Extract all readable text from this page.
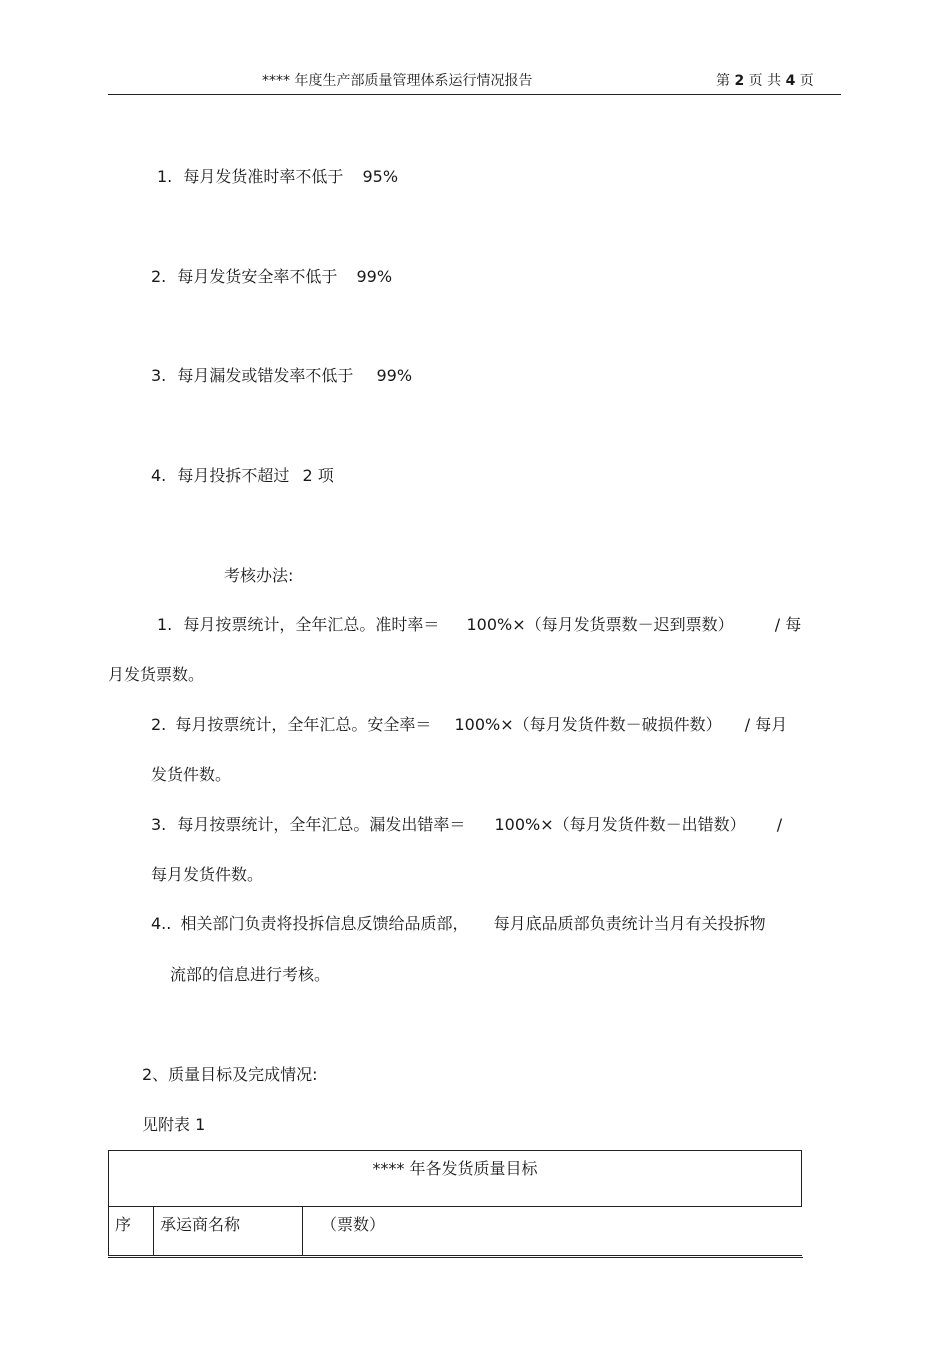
**** 年度生产部质量管理体系运行情况报告	第 2 页 共 4 页
1. 每月发货准时率不低于 95%
2. 每月发货安全率不低于 99%
3. 每月漏发或错发率不低于 99%
4. 每月投拆不超过 2 项
考核办法:
1. 每月按票统计，全年汇总。准时率＝ 100%×（每月发货票数－迟到票数）	/ 每
月发货票数。
2. 每月按票统计，全年汇总。安全率＝ 100%×（每月发货件数－破损件数） / 每月
发货件数。
3. 每月按票统计，全年汇总。漏发出错率＝ 100%×（每月发货件数－出错数） /
每月发货件数。
4.. 相关部门负责将投拆信息反馈给品质部， 每月底品质部负责统计当月有关投拆物
流部的信息进行考核。
2、质量目标及完成情况:
见附表 1
**** 年各发货质量目标
序	承运商名称	（票数）
